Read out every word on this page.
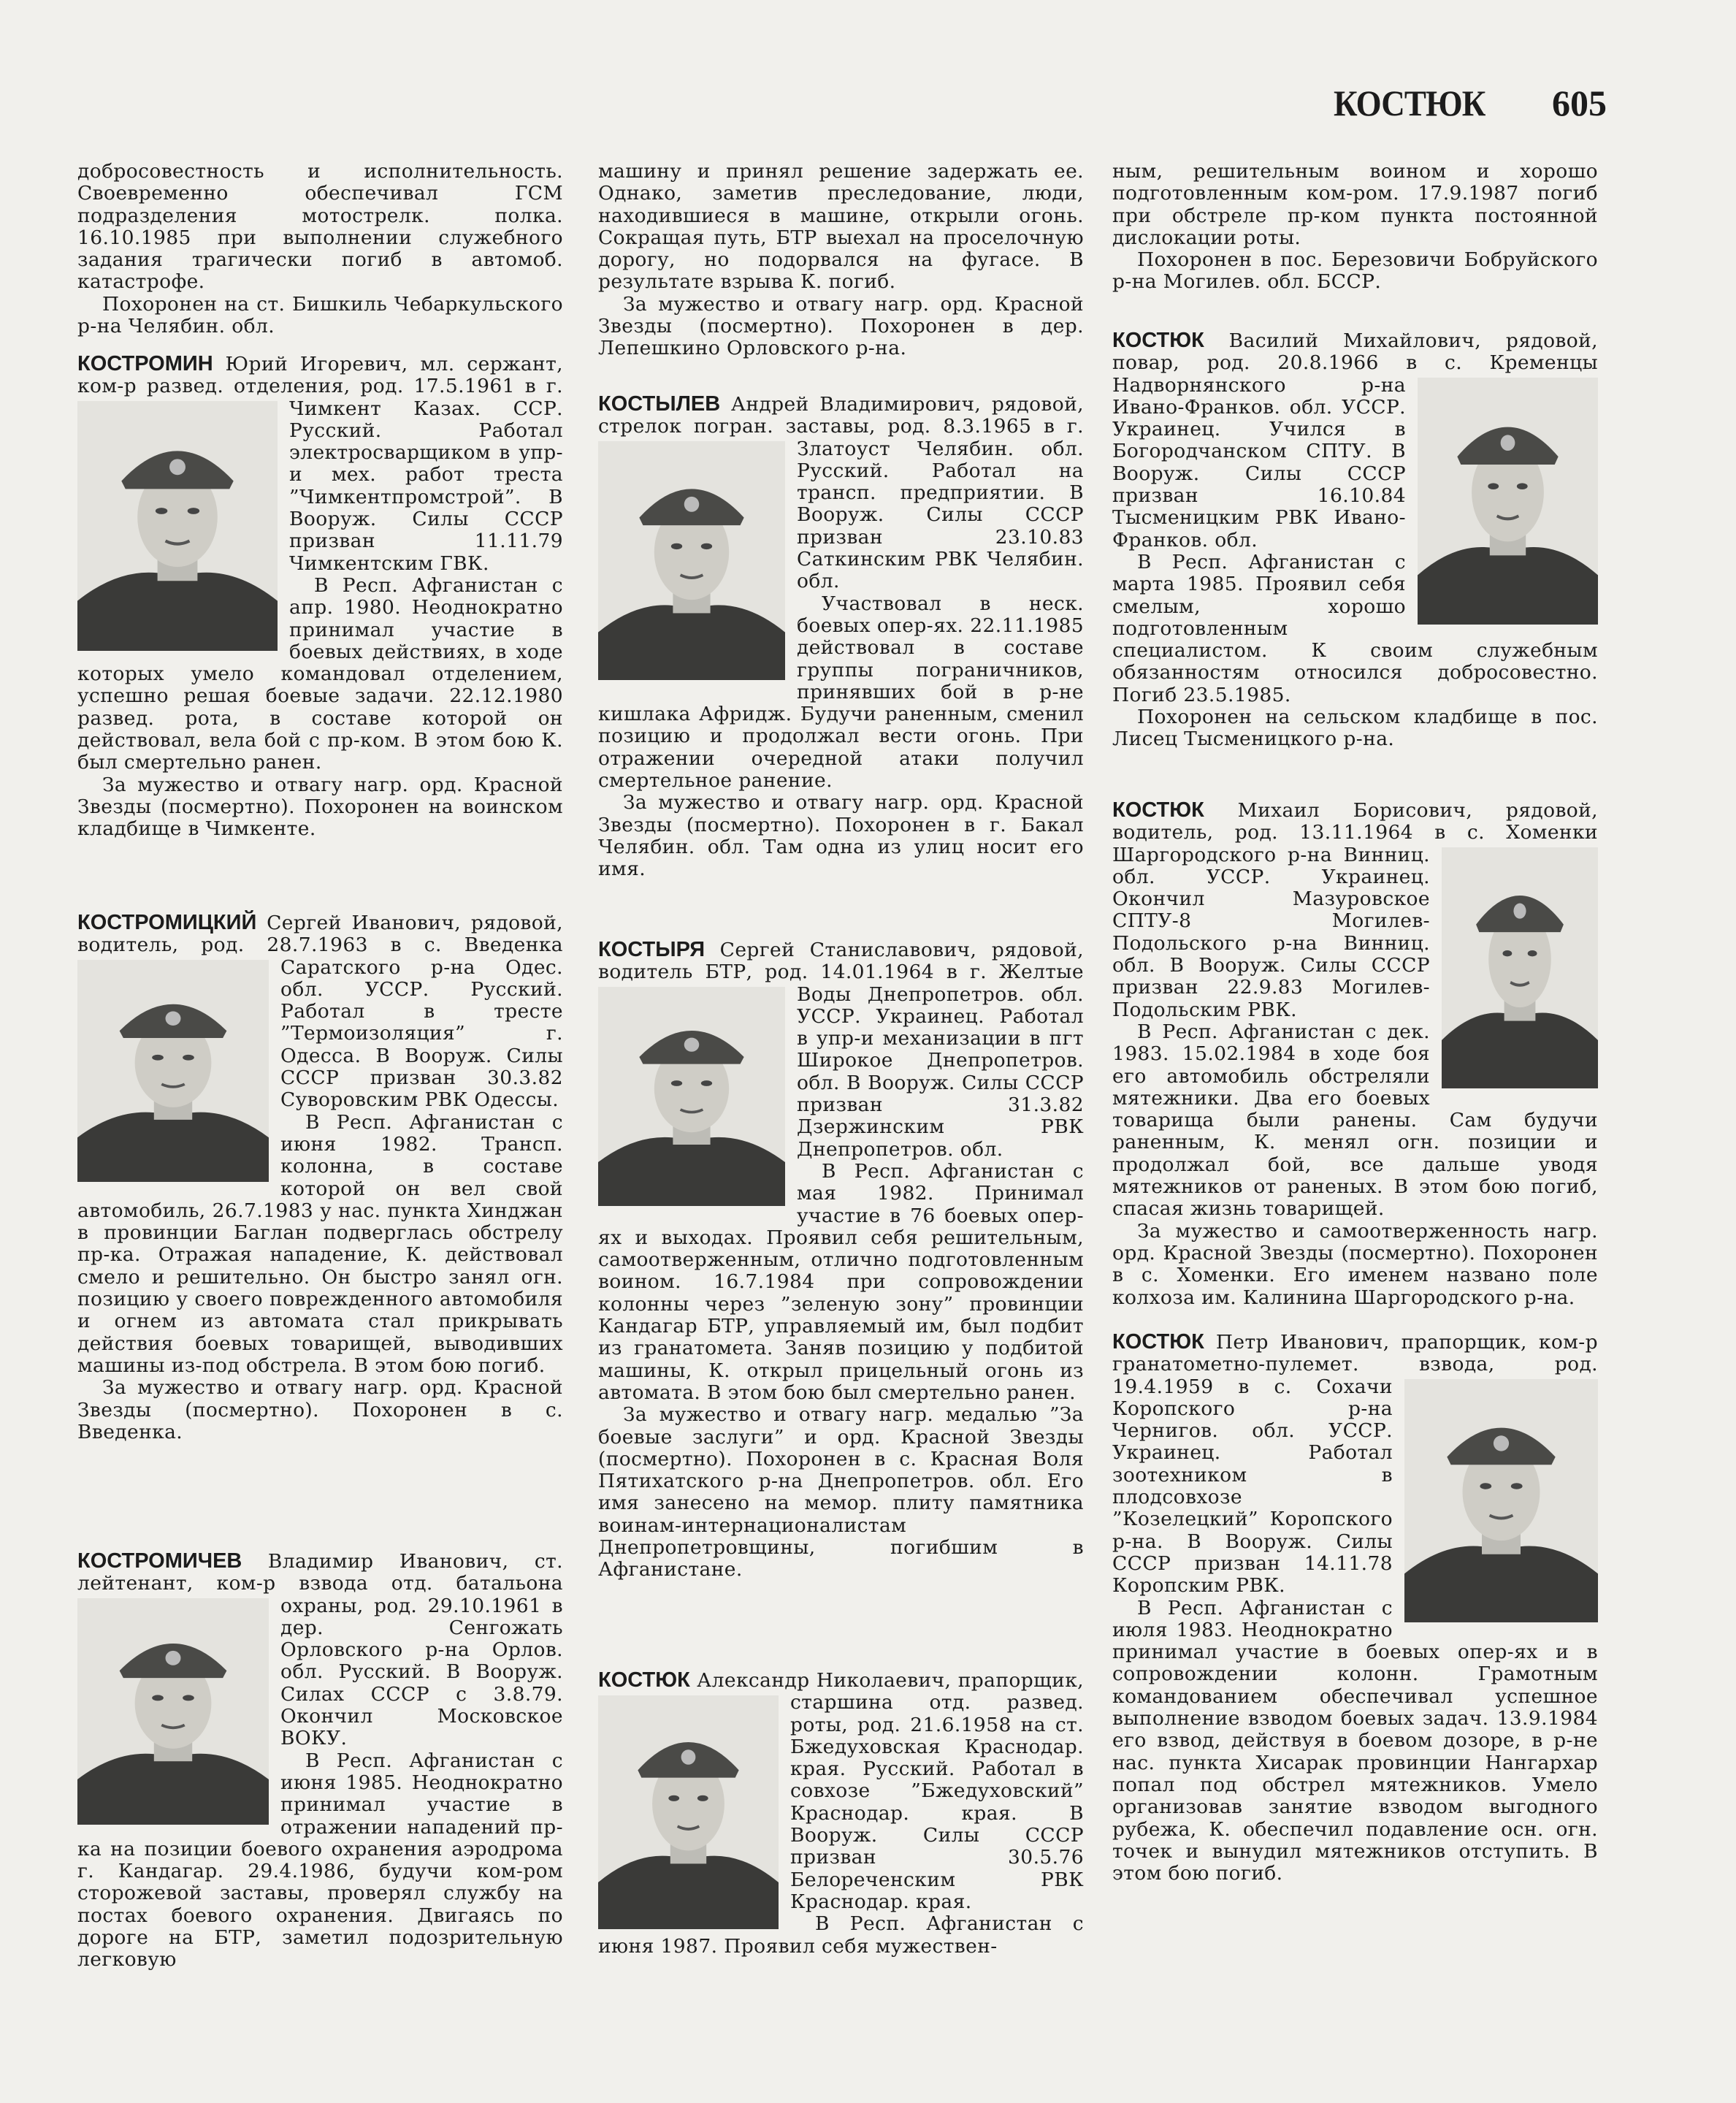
КОСТЮК 605

добросовестность и исполнительность. Своевременно обеспечивал ГСМ подразделения мотострелк. полка. 16.10.1985 при выполнении служебного задания трагически погиб в автомоб. катастрофе.

Похоронен на ст. Бишкиль Чебаркульского р-на Челябин. обл.

КОСТРОМИН Юрий Игоревич, мл. сержант, ком-р развед. отделения, род. 17.5.1961 в г. Чимкент Казах. ССР. Русский. Работал электросварщиком в упр-и мех. работ треста ”Чимкентпромстрой”. В Вооруж. Силы СССР призван 11.11.79 Чимкентским ГВК.

В Респ. Афганистан с апр. 1980. Неоднократно принимал участие в боевых действиях, в ходе которых умело командовал отделением, успешно решая боевые задачи. 22.12.1980 развед. рота, в составе которой он действовал, вела бой с пр-ком. В этом бою К. был смертельно ранен.

За мужество и отвагу нагр. орд. Красной Звезды (посмертно). Похоронен на воинском кладбище в Чимкенте.

КОСТРОМИЦКИЙ Сергей Иванович, рядовой, водитель, род. 28.7.1963 в с. Введенка Саратского р-на Одес. обл. УССР. Русский. Работал в тресте ”Термоизоляция” г. Одесса. В Вооруж. Силы СССР призван 30.3.82 Суворовским РВК Одессы.

В Респ. Афганистан с июня 1982. Трансп. колонна, в составе которой он вел свой автомобиль, 26.7.1983 у нас. пункта Хинджан в провинции Баглан подверглась обстрелу пр-ка. Отражая нападение, К. действовал смело и решительно. Он быстро занял огн. позицию у своего поврежденного автомобиля и огнем из автомата стал прикрывать действия боевых товарищей, выводивших машины из-под обстрела. В этом бою погиб.

За мужество и отвагу нагр. орд. Красной Звезды (посмертно). Похоронен в с. Введенка.

КОСТРОМИЧЕВ Владимир Иванович, ст. лейтенант, ком-р взвода отд. батальона охраны, род. 29.10.1961 в дер. Сенгожать Орловского р-на Орлов. обл. Русский. В Вооруж. Силах СССР с 3.8.79. Окончил Московское ВОКУ.

В Респ. Афганистан с июня 1985. Неоднократно принимал участие в отражении нападений пр-ка на позиции боевого охранения аэродрома г. Кандагар. 29.4.1986, будучи ком-ром сторожевой заставы, проверял службу на постах боевого охранения. Двигаясь по дороге на БТР, заметил подозрительную легковую

машину и принял решение задержать ее. Однако, заметив преследование, люди, находившиеся в машине, открыли огонь. Сокращая путь, БТР выехал на проселочную дорогу, но подорвался на фугасе. В результате взрыва К. погиб.

За мужество и отвагу нагр. орд. Красной Звезды (посмертно). Похоронен в дер. Лепешкино Орловского р-на.

КОСТЫЛЕВ Андрей Владимирович, рядовой, стрелок погран. заставы, род. 8.3.1965 в г. Златоуст Челябин. обл. Русский. Работал на трансп. предприятии. В Вооруж. Силы СССР призван 23.10.83 Саткинским РВК Челябин. обл.

Участвовал в неск. боевых опер-ях. 22.11.1985 действовал в составе группы пограничников, принявших бой в р-не кишлака Афридж. Будучи раненным, сменил позицию и продолжал вести огонь. При отражении очередной атаки получил смертельное ранение.

За мужество и отвагу нагр. орд. Красной Звезды (посмертно). Похоронен в г. Бакал Челябин. обл. Там одна из улиц носит его имя.

КОСТЫРЯ Сергей Станиславович, рядовой, водитель БТР, род. 14.01.1964 в г. Желтые Воды Днепропетров. обл. УССР. Украинец. Работал в упр-и механизации в пгт Широкое Днепропетров. обл. В Вооруж. Силы СССР призван 31.3.82 Дзержинским РВК Днепропетров. обл.

В Респ. Афганистан с мая 1982. Принимал участие в 76 боевых опер-ях и выходах. Проявил себя решительным, самоотверженным, отлично подготовленным воином. 16.7.1984 при сопровождении колонны через ”зеленую зону” провинции Кандагар БТР, управляемый им, был подбит из гранатомета. Заняв позицию у подбитой машины, К. открыл прицельный огонь из автомата. В этом бою был смертельно ранен.

За мужество и отвагу нагр. медалью ”За боевые заслуги” и орд. Красной Звезды (посмертно). Похоронен в с. Красная Воля Пятихатского р-на Днепропетров. обл. Его имя занесено на мемор. плиту памятника воинам-интернационалистам Днепропетровщины, погибшим в Афганистане.

КОСТЮК Александр Николаевич, прапорщик, старшина отд. развед. роты, род. 21.6.1958 на ст. Бжедуховская Краснодар. края. Русский. Работал в совхозе ”Бжедуховский” Краснодар. края. В Вооруж. Силы СССР призван 30.5.76 Белореченским РВК Краснодар. края.

В Респ. Афганистан с июня 1987. Проявил себя мужествен-

ным, решительным воином и хорошо подготовленным ком-ром. 17.9.1987 погиб при обстреле пр-ком пункта постоянной дислокации роты.

Похоронен в пос. Березовичи Бобруйского р-на Могилев. обл. БССР.

КОСТЮК Василий Михайлович, рядовой, повар, род. 20.8.1966 в с. Кременцы Надворнянского р-на Ивано-Франков. обл. УССР. Украинец. Учился в Богородчанском СПТУ. В Вооруж. Силы СССР призван 16.10.84 Тысменицким РВК Ивано-Франков. обл.

В Респ. Афганистан с марта 1985. Проявил себя смелым, хорошо подготовленным специалистом. К своим служебным обязанностям относился добросовестно. Погиб 23.5.1985.

Похоронен на сельском кладбище в пос. Лисец Тысменицкого р-на.

КОСТЮК Михаил Борисович, рядовой, водитель, род. 13.11.1964 в с. Хоменки Шаргородского р-на Винниц. обл. УССР. Украинец. Окончил Мазуровское СПТУ-8 Могилев-Подольского р-на Винниц. обл. В Вооруж. Силы СССР призван 22.9.83 Могилев-Подольским РВК.

В Респ. Афганистан с дек. 1983. 15.02.1984 в ходе боя его автомобиль обстреляли мятежники. Два его боевых товарища были ранены. Сам будучи раненным, К. менял огн. позиции и продолжал бой, все дальше уводя мятежников от раненых. В этом бою погиб, спасая жизнь товарищей.

За мужество и самоотверженность нагр. орд. Красной Звезды (посмертно). Похоронен в с. Хоменки. Его именем названо поле колхоза им. Калинина Шаргородского р-на.

КОСТЮК Петр Иванович, прапорщик, ком-р гранатометно-пулемет. взвода, род. 19.4.1959 в с. Сохачи Коропского р-на Чернигов. обл. УССР. Украинец. Работал зоотехником в плодсовхозе ”Козелецкий” Коропского р-на. В Вооруж. Силы СССР призван 14.11.78 Коропским РВК.

В Респ. Афганистан с июля 1983. Неоднократно принимал участие в боевых опер-ях и в сопровождении колонн. Грамотным командованием обеспечивал успешное выполнение взводом боевых задач. 13.9.1984 его взвод, действуя в боевом дозоре, в р-не нас. пункта Хисарак провинции Нангархар попал под обстрел мятежников. Умело организовав занятие взводом выгодного рубежа, К. обеспечил подавление осн. огн. точек и вынудил мятежников отступить. В этом бою погиб.
